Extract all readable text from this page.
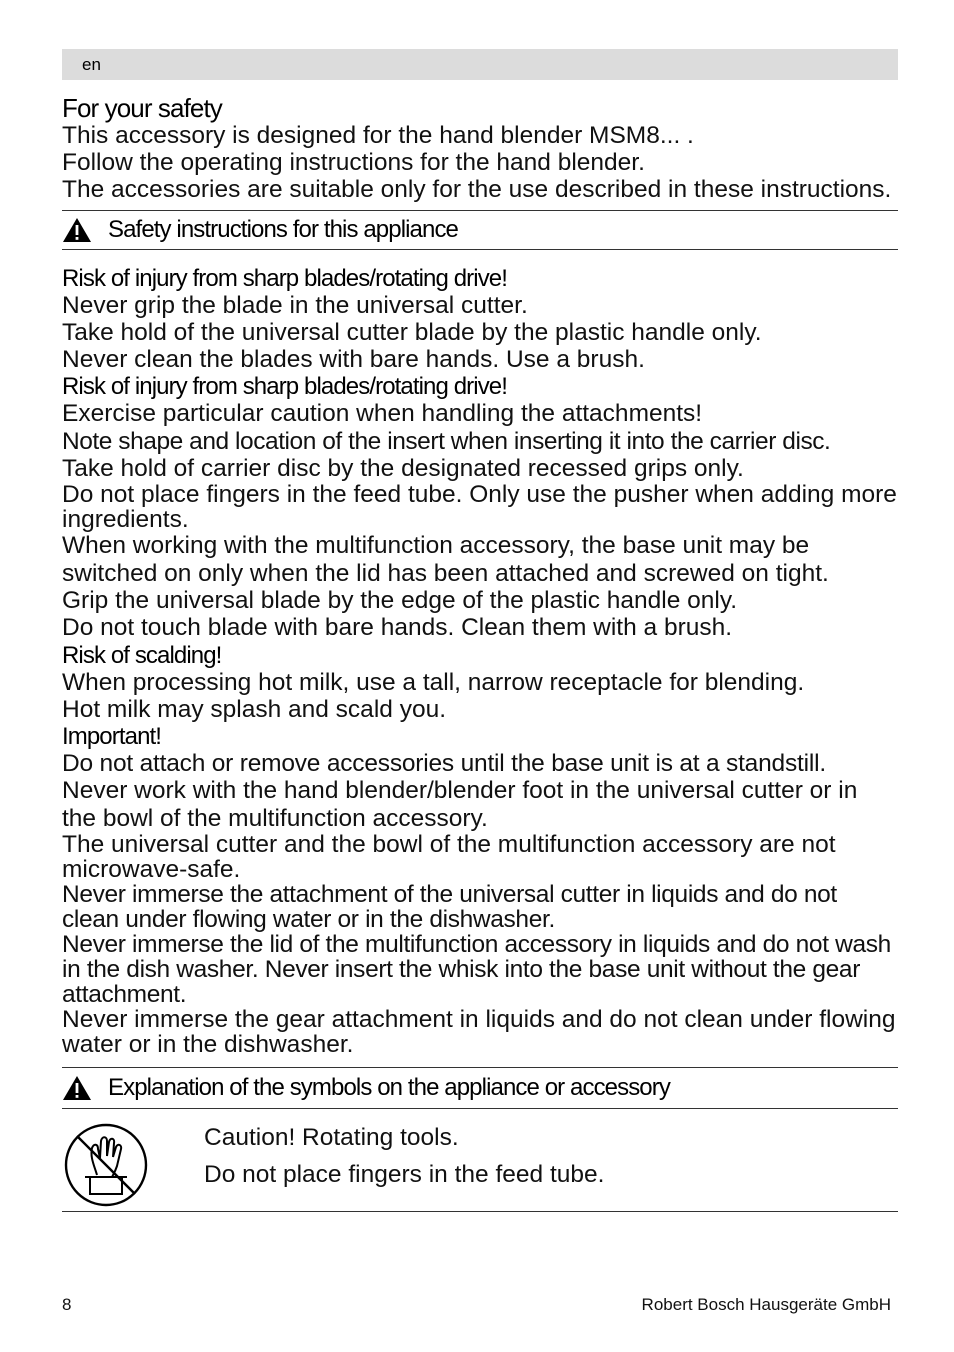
en
For your safety

This accessory is designed for the hand blender MSM8... .

Follow the operating instructions for the hand blender.

The accessories are suitable only for the use described in these instructions.

Safety instructions for this appliance

Risk of injury from sharp blades/rotating drive!

Never grip the blade in the universal cutter.

Take hold of the universal cutter blade by the plastic handle only.

Never clean the blades with bare hands. Use a brush.

Risk of injury from sharp blades/rotating drive!

Exercise particular caution when handling the attachments!

Note shape and location of the insert when inserting it into the carrier disc.

Take hold of carrier disc by the designated recessed grips only.

Do not place fingers in the feed tube. Only use the pusher when adding more ingredients.

When working with the multifunction accessory, the base unit may be switched on only when the lid has been attached and screwed on tight.

Grip the universal blade by the edge of the plastic handle only.

Do not touch blade with bare hands. Clean them with a brush.

Risk of scalding!

When processing hot milk, use a tall, narrow receptacle for blending.

Hot milk may splash and scald you.

Important!

Do not attach or remove accessories until the base unit is at a standstill.

Never work with the hand blender/blender foot in the universal cutter or in the bowl of the multifunction accessory.

The universal cutter and the bowl of the multifunction accessory are not microwave-safe.

Never immerse the attachment of the universal cutter in liquids and do not clean under flowing water or in the dishwasher.

Never immerse the lid of the multifunction accessory in liquids and do not wash in the dish washer. Never insert the whisk into the base unit without the gear attachment.

Never immerse the gear attachment in liquids and do not clean under flowing water or in the dishwasher.

Explanation of the symbols on the appliance or accessory
Caution! Rotating tools.
Do not place fingers in the feed tube.
8	Robert Bosch Hausgeräte GmbH
